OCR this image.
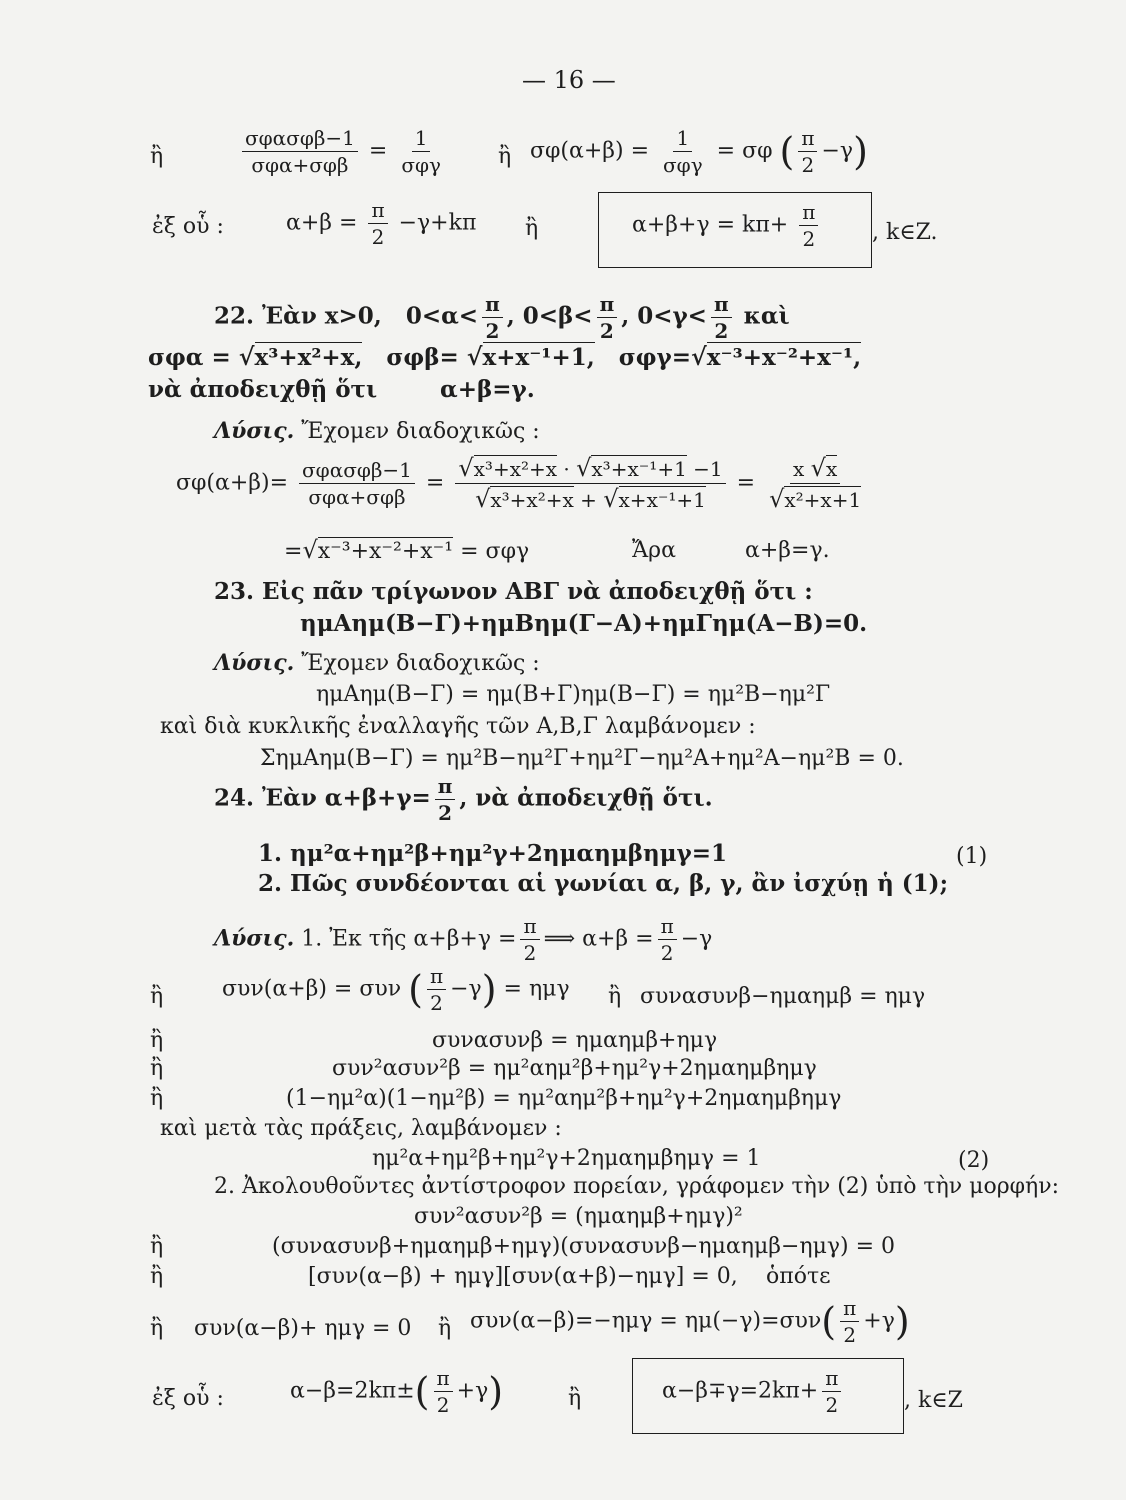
— 16 —
ἢ	$\frac{\text{σφασφβ−1}}{\text{σφα+σφβ}} = \frac{1}{\text{σφγ}}$ ἢ $\sigma\varphi(\alpha+\beta) = \frac{1}{\text{σφγ}} = \sigma\varphi$ ( $\frac{\pi}{2} -\gamma$)
ἐξ οὗ :	$\alpha+\beta = \frac{\pi}{2} -\gamma+k\pi$ ἢ	$\alpha+\beta+\gamma = k\pi+ \frac{\pi}{2}$ , k∈Z.
22. Ἐὰν x>0, $0<\alpha< \frac{\pi}{2}$ , $0<\beta< \frac{\pi}{2}$ , $0<\gamma< \frac{\pi}{2}$ καὶ
σφα = √x³+x²+x, σφβ= √x+x⁻¹+1, σφγ=√x⁻³+x⁻²+x⁻¹,
νὰ ἀποδειχθῇ ὅτι	α+β=γ.
Λύσις. Ἔχομεν διαδοχικῶς :
$\sigma\varphi(\alpha+\beta)= \frac{\text{σφασφβ−1}}{\text{σφα+σφβ}} = \frac{\text{√x³+x²+x · √x³+x⁻¹+1 −1}}{\text{√x³+x²+x + √x+x⁻¹+1}} = \frac{x √x}{\text{√x²+x+1}}$
=√x⁻³+x⁻²+x⁻¹ = σφγ	Ἄρα	α+β=γ.
23. Εἰς πᾶν τρίγωνον ΑΒΓ νὰ ἀποδειχθῇ ὅτι :
ημΑημ(Β−Γ)+ημΒημ(Γ−Α)+ημΓημ(Α−Β)=0.
Λύσις. Ἔχομεν διαδοχικῶς :
ημΑημ(Β−Γ) = ημ(Β+Γ)ημ(Β−Γ) = ημ²Β−ημ²Γ
καὶ διὰ κυκλικῆς ἐναλλαγῆς τῶν Α,Β,Γ λαμβάνομεν :
ΣημΑημ(Β−Γ) = ημ²Β−ημ²Γ+ημ²Γ−ημ²Α+ημ²Α−ημ²Β = 0.
24. Ἐὰν $\alpha+\beta+\gamma= \frac{\pi}{2}$ , νὰ ἀποδειχθῇ ὅτι.
1. ημ²α+ημ²β+ημ²γ+2ημαημβημγ=1	(1)
2. Πῶς συνδέονται αἱ γωνίαι α, β, γ, ἂν ἰσχύῃ ἡ (1);
Λύσις. 1. Ἐκ τῆς $\alpha+\beta+\gamma = \frac{\pi}{2}$ ⟹ $\alpha+\beta = \frac{\pi}{2} -\gamma$
ἢ	συν(α+β) = συν ( $\frac{\pi}{2} -\gamma) = \eta\mu\gamma$ ἢ συνασυνβ−ημαημβ = ημγ
ἢ	συνασυνβ = ημαημβ+ημγ
ἢ	συν²ασυν²β = ημ²αημ²β+ημ²γ+2ημαημβημγ
ἢ	(1−ημ²α)(1−ημ²β) = ημ²αημ²β+ημ²γ+2ημαημβημγ
καὶ μετὰ τὰς πράξεις, λαμβάνομεν :
ημ²α+ημ²β+ημ²γ+2ημαημβημγ = 1	(2)
2. Ἀκολουθοῦντες ἀντίστροφον πορείαν, γράφομεν τὴν (2) ὑπὸ τὴν μορφήν:
συν²ασυν²β = (ημαημβ+ημγ)²
ἢ	(συνασυνβ+ημαημβ+ημγ)(συνασυνβ−ημαημβ−ημγ) = 0
ἢ	[συν(α−β) + ημγ][συν(α+β)−ημγ] = 0, ὁπότε
ἢ συν(α−β)+ ημγ = 0 ἢ $\sigma\upsilon\nu(\alpha-\beta)=-\eta\mu\gamma = \eta\mu(-\gamma)=\sigma\upsilon\nu( \frac{\pi}{2} +\gamma)$
ἐξ οὗ :	$\alpha-\beta=2k\pi\pm( \frac{\pi}{2} +\gamma)$	ἢ	$\alpha-\beta\mp\gamma=2k\pi+ \frac{\pi}{2}$	, k∈Z
